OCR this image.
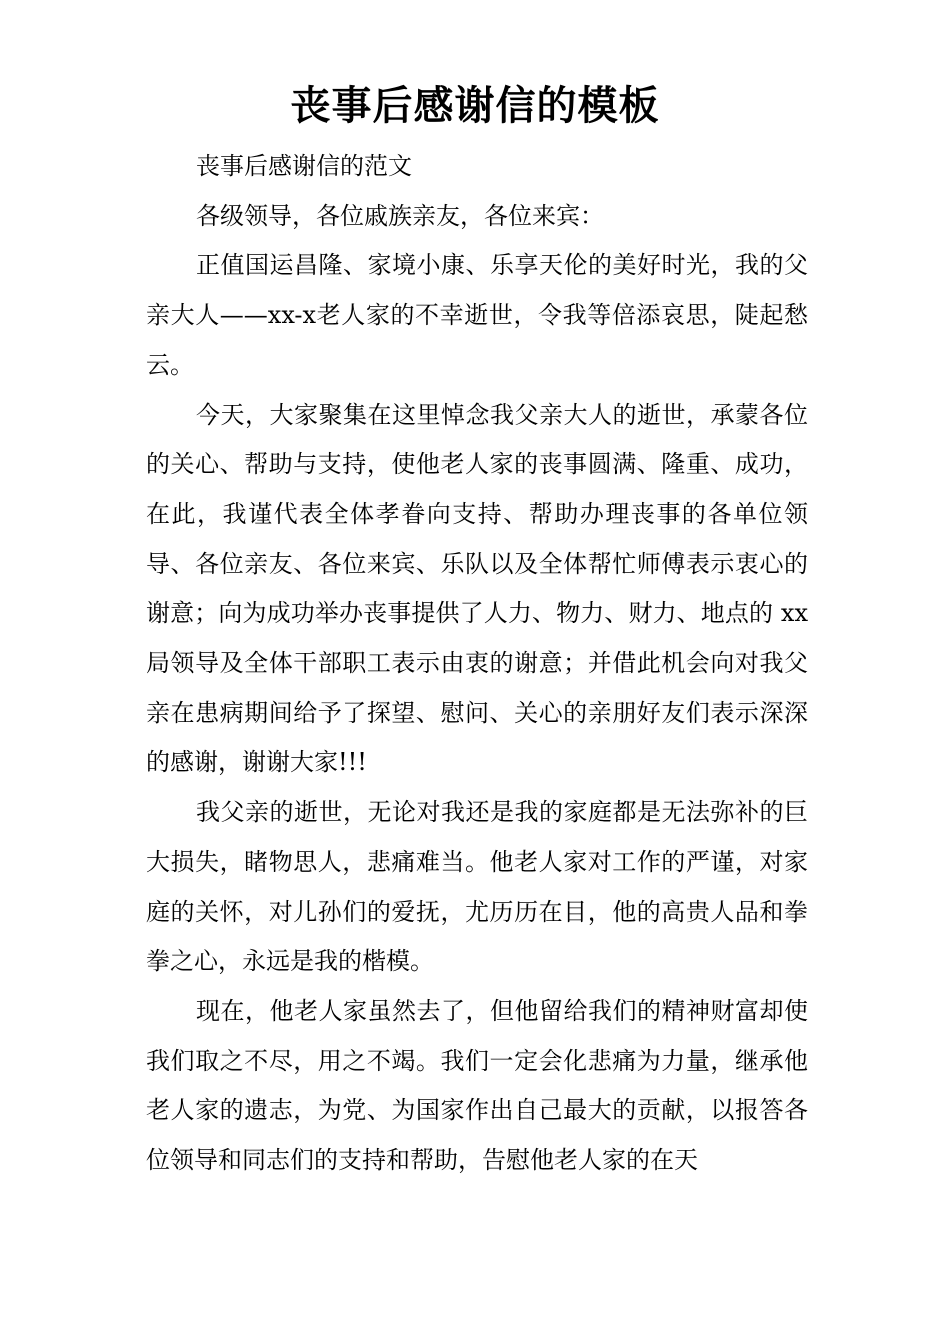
丧事后感谢信的模板

丧事后感谢信的范文

各级领导，各位戚族亲友，各位来宾：

正值国运昌隆、家境小康、乐享天伦的美好时光，我的父亲大人——xx-x老人家的不幸逝世，令我等倍添哀思，陡起愁云。

今天，大家聚集在这里悼念我父亲大人的逝世，承蒙各位的关心、帮助与支持，使他老人家的丧事圆满、隆重、成功，在此，我谨代表全体孝眷向支持、帮助办理丧事的各单位领导、各位亲友、各位来宾、乐队以及全体帮忙师傅表示衷心的谢意；向为成功举办丧事提供了人力、物力、财力、地点的 xx 局领导及全体干部职工表示由衷的谢意；并借此机会向对我父亲在患病期间给予了探望、慰问、关心的亲朋好友们表示深深的感谢，谢谢大家!!!

我父亲的逝世，无论对我还是我的家庭都是无法弥补的巨大损失，睹物思人，悲痛难当。他老人家对工作的严谨，对家庭的关怀，对儿孙们的爱抚，尤历历在目，他的高贵人品和拳拳之心，永远是我的楷模。

现在，他老人家虽然去了，但他留给我们的精神财富却使我们取之不尽，用之不竭。我们一定会化悲痛为力量，继承他老人家的遗志，为党、为国家作出自己最大的贡献，以报答各位领导和同志们的支持和帮助，告慰他老人家的在天
